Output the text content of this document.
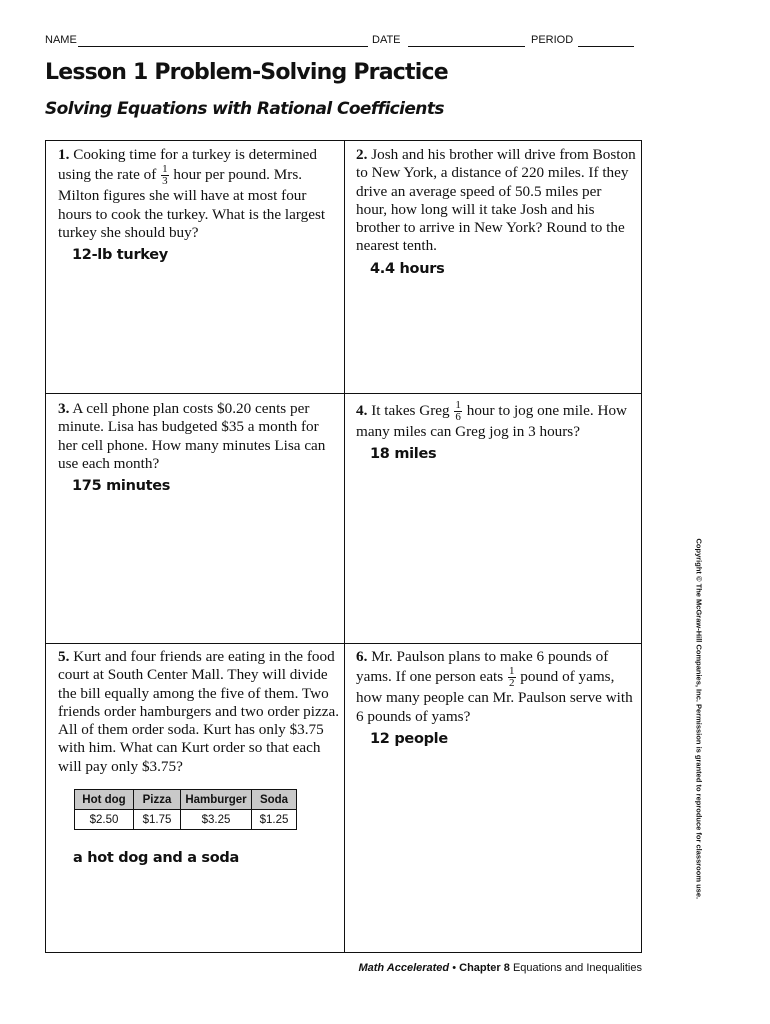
NAME	DATE	PERIOD
Lesson 1 Problem-Solving Practice
Solving Equations with Rational Coefficients
1. Cooking time for a turkey is determined using the rate of $\frac{1}{3}$ hour per pound. Mrs. Milton figures she will have at most four hours to cook the turkey. What is the largest turkey she should buy?
12-lb turkey
2. Josh and his brother will drive from Boston to New York, a distance of 220 miles. If they drive an average speed of 50.5 miles per hour, how long will it take Josh and his brother to arrive in New York? Round to the nearest tenth.
4.4 hours
3. A cell phone plan costs $0.20 cents per minute. Lisa has budgeted $35 a month for her cell phone. How many minutes Lisa can use each month?
175 minutes
4. It takes Greg $\frac{1}{6}$ hour to jog one mile. How many miles can Greg jog in 3 hours?
18 miles
5. Kurt and four friends are eating in the food court at South Center Mall. They will divide the bill equally among the five of them. Two friends order hamburgers and two order pizza. All of them order soda. Kurt has only $3.75 with him. What can Kurt order so that each will pay only $3.75?
Hot dog	Pizza	Hamburger	Soda
$2.50	$1.75	$3.25	$1.25
a hot dog and a soda
6. Mr. Paulson plans to make 6 pounds of yams. If one person eats $\frac{1}{2}$ pound of yams, how many people can Mr. Paulson serve with 6 pounds of yams?
12 people	Copyright © The McGraw-Hill Companies, Inc. Permission is granted to reproduce for classroom use.
Math Accelerated • Chapter 8 Equations and Inequalities
